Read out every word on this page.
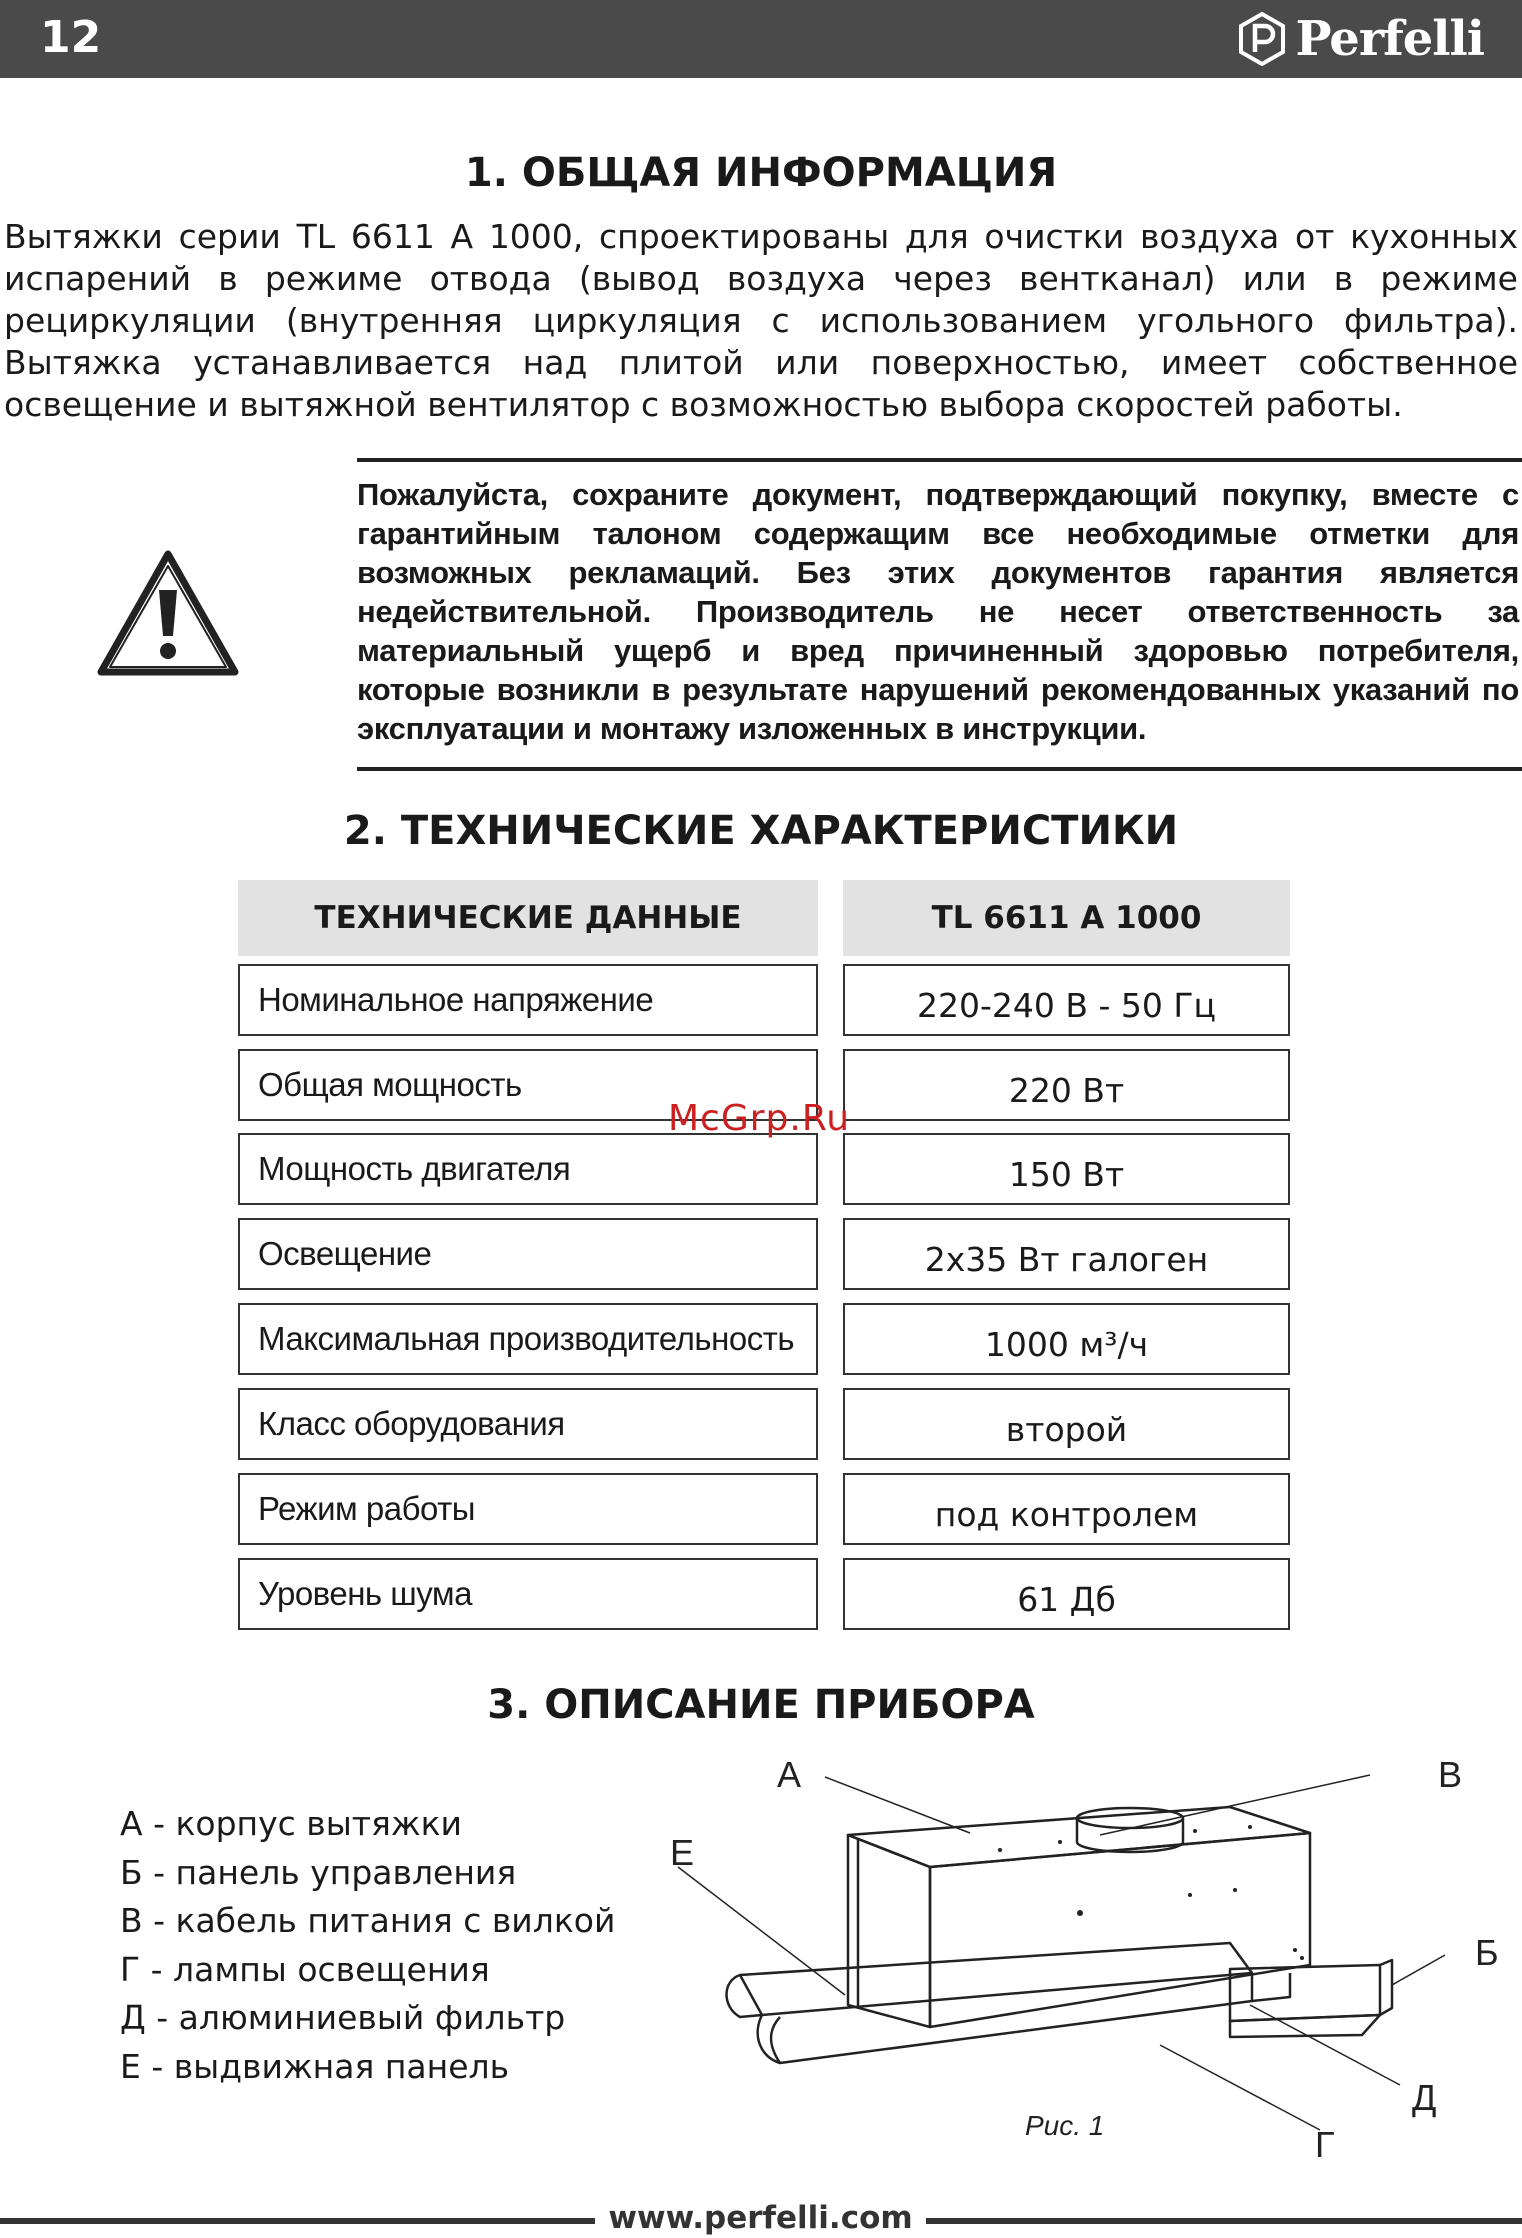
12	Perfelli
1. ОБЩАЯ ИНФОРМАЦИЯ
Вытяжки серии TL 6611 A 1000, спроектированы для очистки воздуха от кухонных испарений в режиме отвода (вывод воздуха через вентканал) или в режиме рециркуляции (внутренняя циркуляция с использованием угольного фильтра). Вытяжка устанавливается над плитой или поверхностью, имеет собственное освещение и вытяжной вентилятор с возможностью выбора скоростей работы.
Пожалуйста, сохраните документ, подтверждающий покупку, вместе с гарантийным талоном содержащим все необходимые отметки для возможных рекламаций. Без этих документов гарантия является недействительной. Производитель не несет ответственность за материальный ущерб и вред причиненный здоровью потребителя, которые возникли в результате нарушений рекомендованных указаний по эксплуатации и монтажу изложенных в инструкции.
2. ТЕХНИЧЕСКИЕ ХАРАКТЕРИСТИКИ
ТЕХНИЧЕСКИЕ ДАННЫЕ	TL 6611 A 1000
Номинальное напряжение	220-240 В - 50 Гц
Общая мощность	220 Вт
Мощность двигателя	150 Вт
Освещение	2x35 Вт галоген
Максимальная производительность	1000 м³/ч
Класс оборудования	второй
Режим работы	под контролем
Уровень шума	61 Дб
McGrp.Ru
3. ОПИСАНИЕ ПРИБОРА
А - корпус вытяжки
Б - панель управления
В - кабель питания с вилкой
Г - лампы освещения
Д - алюминиевый фильтр
Е - выдвижная панель
А	В
Е
Б
Д
Г
Рис. 1
www.perfelli.com
